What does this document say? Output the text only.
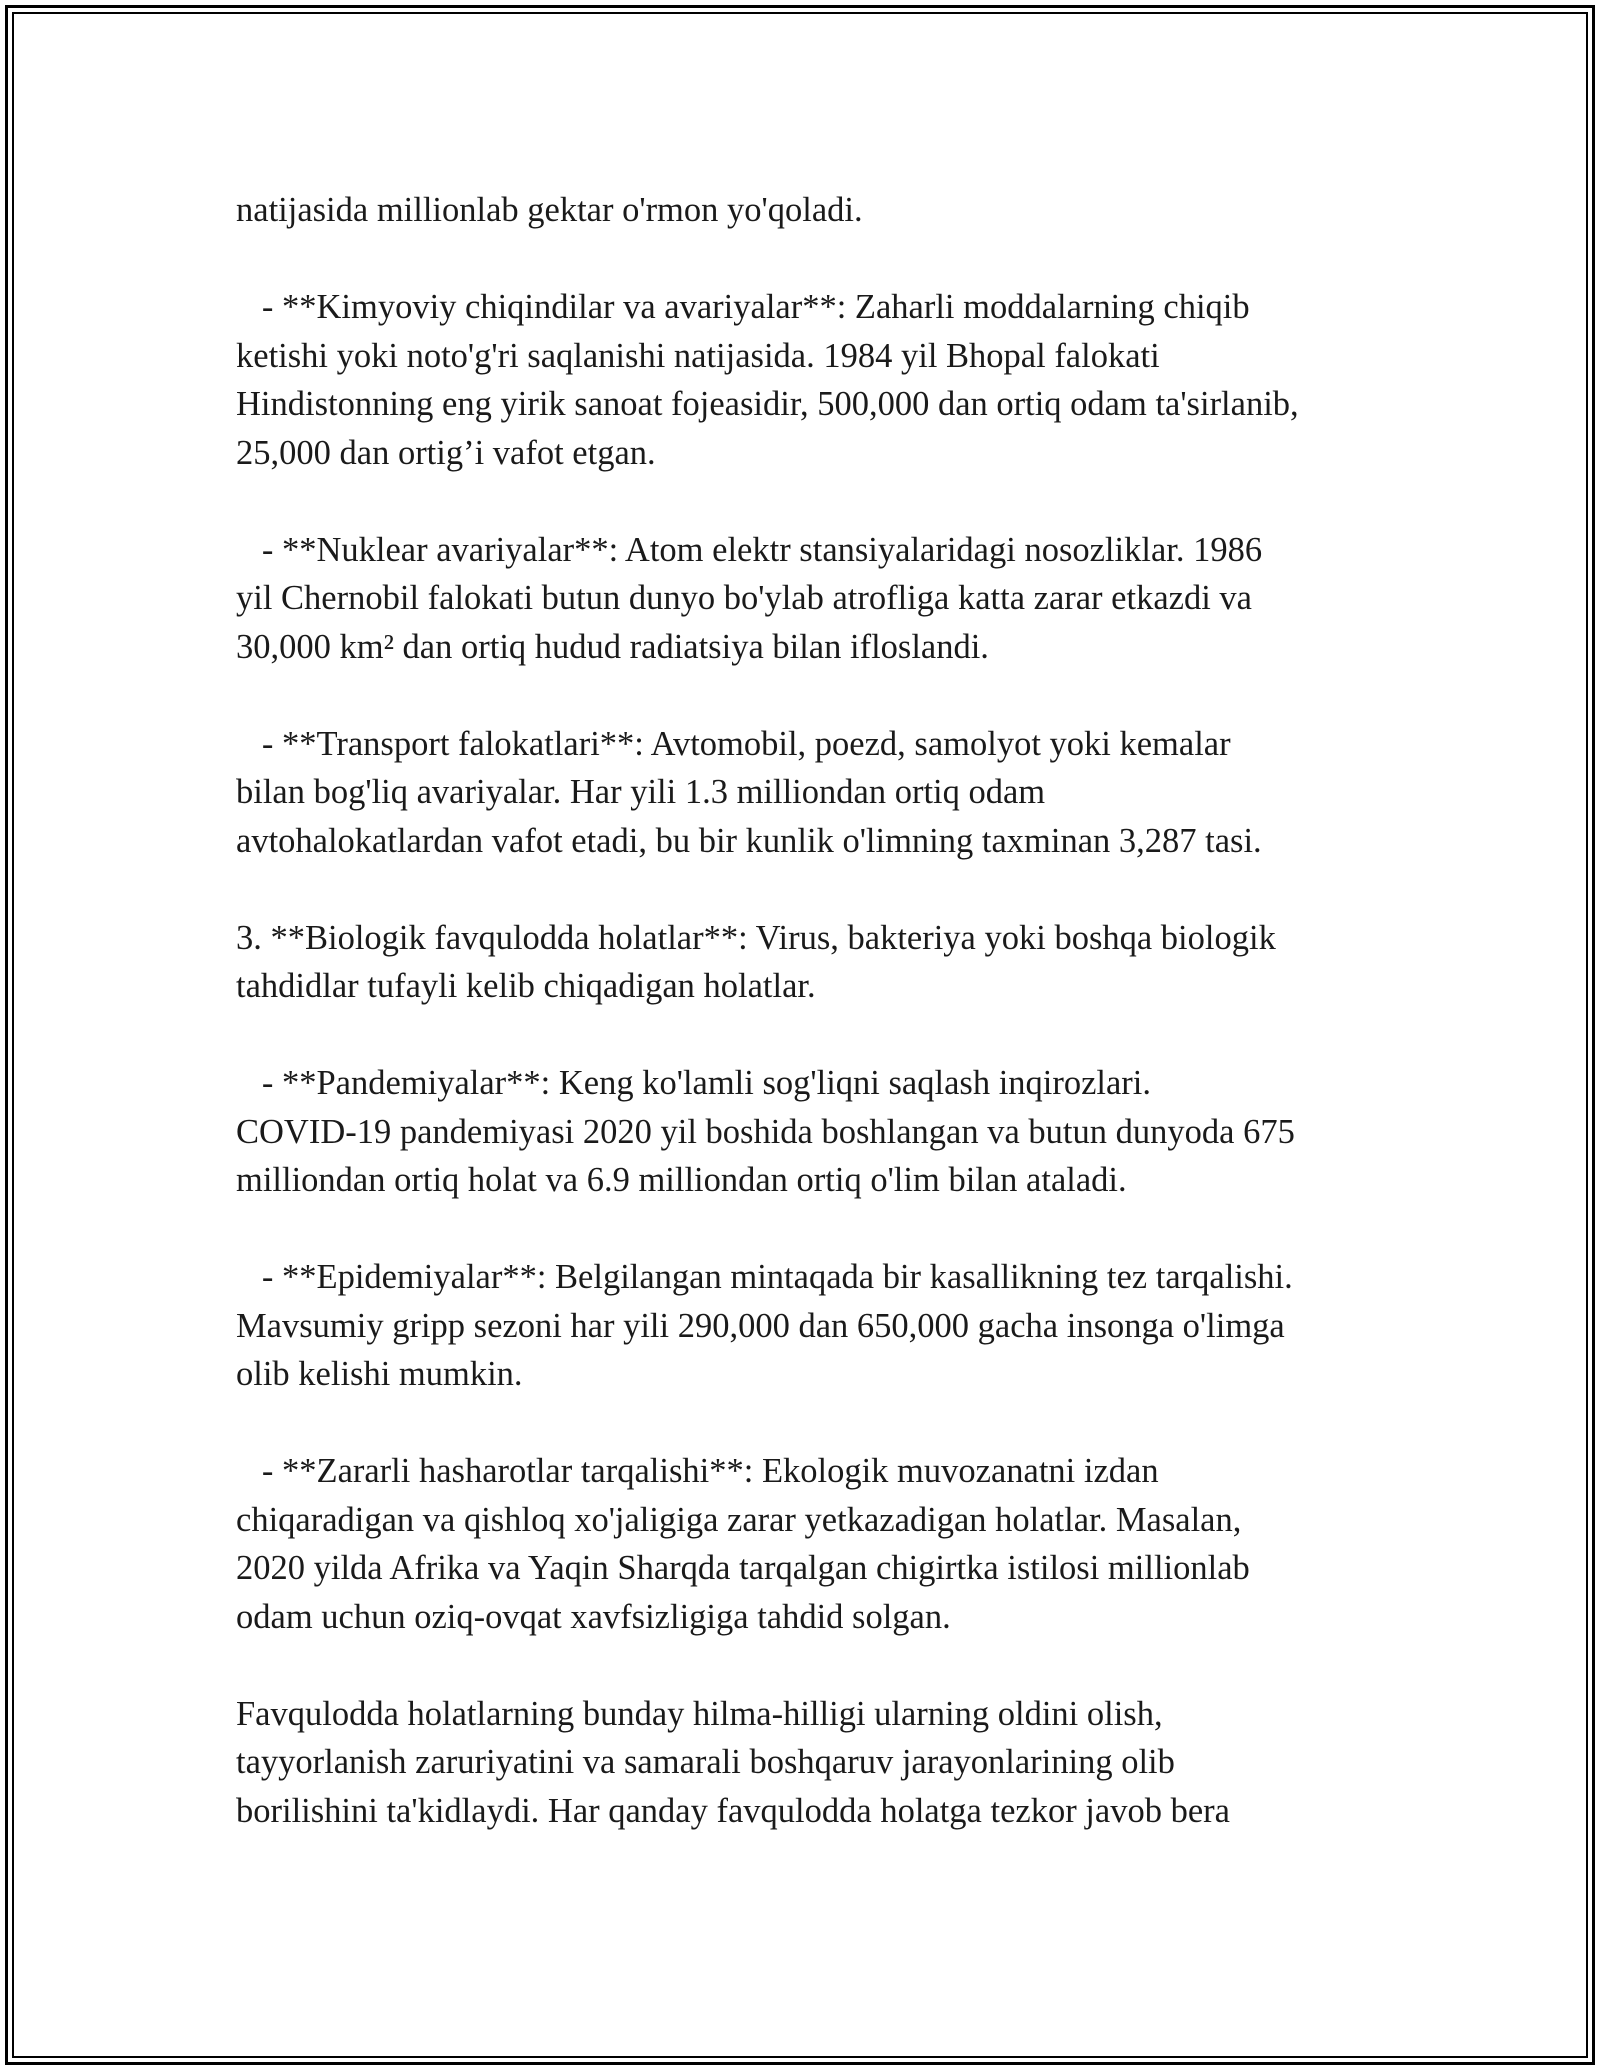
natijasida millionlab gektar o'rmon yo'qoladi.

- **Kimyoviy chiqindilar va avariyalar**: Zaharli moddalarning chiqib
ketishi yoki noto'g'ri saqlanishi natijasida. 1984 yil Bhopal falokati
Hindistonning eng yirik sanoat fojeasidir, 500,000 dan ortiq odam ta'sirlanib,
25,000 dan ortig’i vafot etgan.

- **Nuklear avariyalar**: Atom elektr stansiyalaridagi nosozliklar. 1986
yil Chernobil falokati butun dunyo bo'ylab atrofliga katta zarar etkazdi va
30,000 km² dan ortiq hudud radiatsiya bilan ifloslandi.

- **Transport falokatlari**: Avtomobil, poezd, samolyot yoki kemalar
bilan bog'liq avariyalar. Har yili 1.3 milliondan ortiq odam
avtohalokatlardan vafot etadi, bu bir kunlik o'limning taxminan 3,287 tasi.

3. **Biologik favqulodda holatlar**: Virus, bakteriya yoki boshqa biologik
tahdidlar tufayli kelib chiqadigan holatlar.

- **Pandemiyalar**: Keng ko'lamli sog'liqni saqlash inqirozlari.
COVID-19 pandemiyasi 2020 yil boshida boshlangan va butun dunyoda 675
milliondan ortiq holat va 6.9 milliondan ortiq o'lim bilan ataladi.

- **Epidemiyalar**: Belgilangan mintaqada bir kasallikning tez tarqalishi.
Mavsumiy gripp sezoni har yili 290,000 dan 650,000 gacha insonga o'limga
olib kelishi mumkin.

- **Zararli hasharotlar tarqalishi**: Ekologik muvozanatni izdan
chiqaradigan va qishloq xo'jaligiga zarar yetkazadigan holatlar. Masalan,
2020 yilda Afrika va Yaqin Sharqda tarqalgan chigirtka istilosi millionlab
odam uchun oziq-ovqat xavfsizligiga tahdid solgan.

Favqulodda holatlarning bunday hilma-hilligi ularning oldini olish,
tayyorlanish zaruriyatini va samarali boshqaruv jarayonlarining olib
borilishini ta'kidlaydi. Har qanday favqulodda holatga tezkor javob bera
